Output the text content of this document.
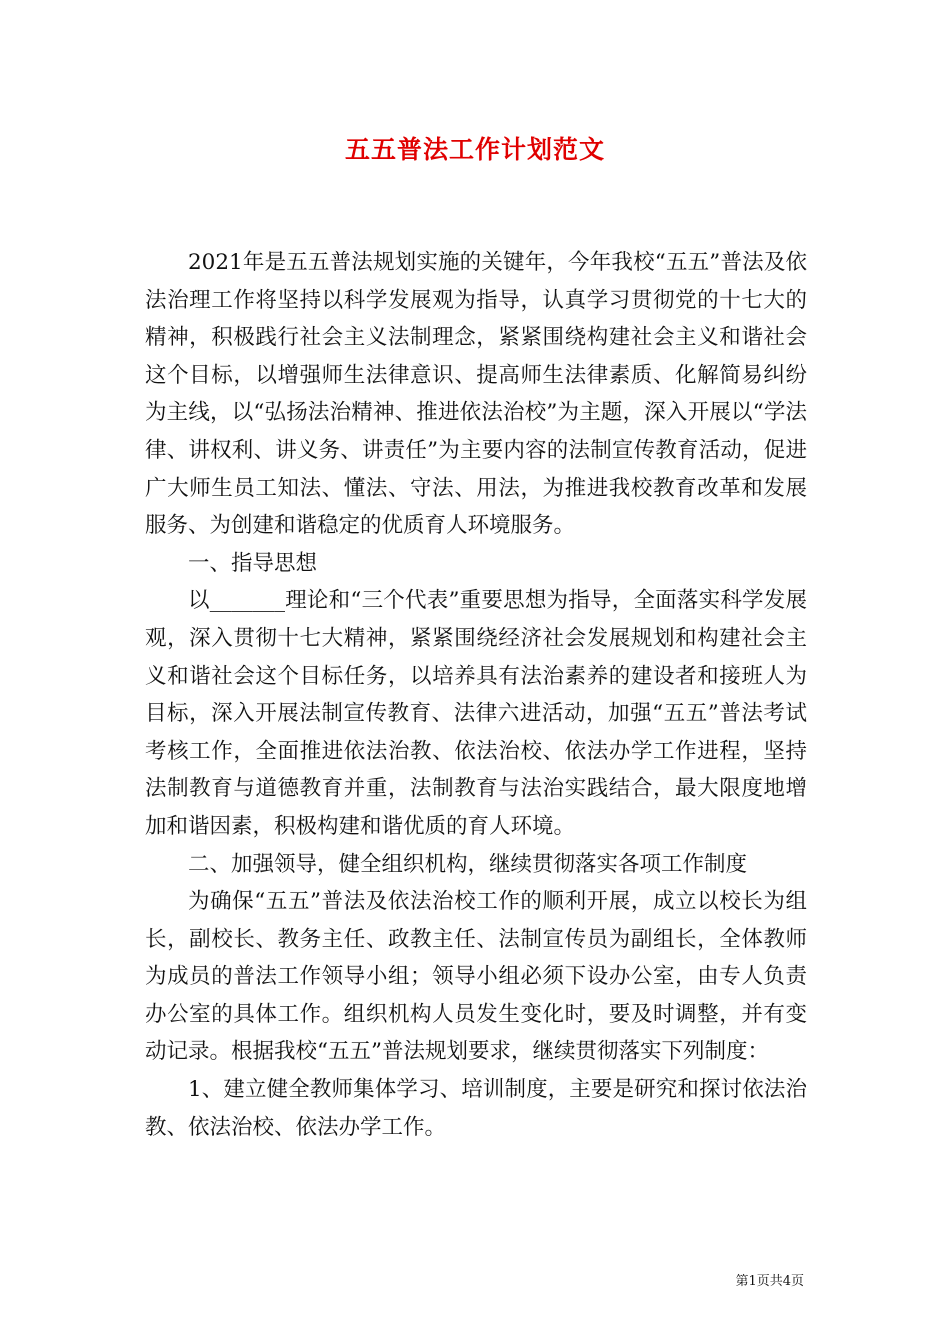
五五普法工作计划范文

2021年是五五普法规划实施的关键年，今年我校“五五”普法及依法治理工作将坚持以科学发展观为指导，认真学习贯彻党的十七大的精神，积极践行社会主义法制理念，紧紧围绕构建社会主义和谐社会这个目标，以增强师生法律意识、提高师生法律素质、化解简易纠纷为主线，以“弘扬法治精神、推进依法治校”为主题，深入开展以“学法律、讲权利、讲义务、讲责任”为主要内容的法制宣传教育活动，促进广大师生员工知法、懂法、守法、用法，为推进我校教育改革和发展服务、为创建和谐稳定的优质育人环境服务。

一、指导思想

以_______理论和“三个代表”重要思想为指导，全面落实科学发展观，深入贯彻十七大精神，紧紧围绕经济社会发展规划和构建社会主义和谐社会这个目标任务，以培养具有法治素养的建设者和接班人为目标，深入开展法制宣传教育、法律六进活动，加强“五五”普法考试考核工作，全面推进依法治教、依法治校、依法办学工作进程，坚持法制教育与道德教育并重，法制教育与法治实践结合，最大限度地增加和谐因素，积极构建和谐优质的育人环境。

二、加强领导，健全组织机构，继续贯彻落实各项工作制度

为确保“五五”普法及依法治校工作的顺利开展，成立以校长为组长，副校长、教务主任、政教主任、法制宣传员为副组长，全体教师为成员的普法工作领导小组；领导小组必须下设办公室，由专人负责办公室的具体工作。组织机构人员发生变化时，要及时调整，并有变动记录。根据我校“五五”普法规划要求，继续贯彻落实下列制度：

1、建立健全教师集体学习、培训制度，主要是研究和探讨依法治教、依法治校、依法办学工作。

第1页共4页
